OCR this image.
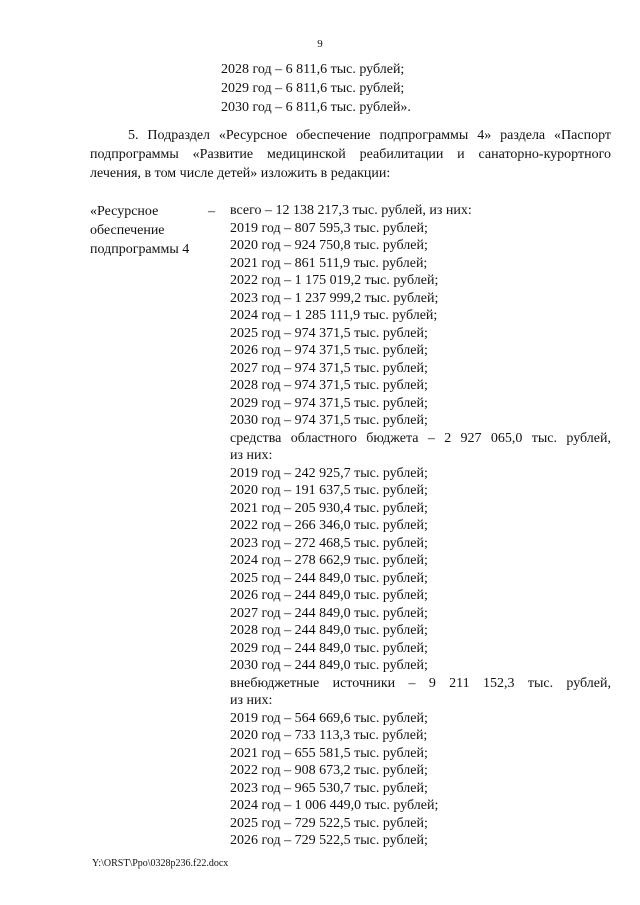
9
2028 год – 6 811,6 тыс. рублей;
2029 год – 6 811,6 тыс. рублей;
2030 год – 6 811,6 тыс. рублей».
5. Подраздел «Ресурсное обеспечение подпрограммы 4» раздела «Паспорт
подпрограммы «Развитие медицинской реабилитации и санаторно-курортного
лечения, в том числе детей» изложить в редакции:
«Ресурсное
обеспечение
подпрограммы 4
– всего – 12 138 217,3 тыс. рублей, из них:
2019 год – 807 595,3 тыс. рублей;
2020 год – 924 750,8 тыс. рублей;
2021 год – 861 511,9 тыс. рублей;
2022 год – 1 175 019,2 тыс. рублей;
2023 год – 1 237 999,2 тыс. рублей;
2024 год – 1 285 111,9 тыс. рублей;
2025 год – 974 371,5 тыс. рублей;
2026 год – 974 371,5 тыс. рублей;
2027 год – 974 371,5 тыс. рублей;
2028 год – 974 371,5 тыс. рублей;
2029 год – 974 371,5 тыс. рублей;
2030 год – 974 371,5 тыс. рублей;
средства областного бюджета – 2 927 065,0 тыс. рублей,
из них:
2019 год – 242 925,7 тыс. рублей;
2020 год – 191 637,5 тыс. рублей;
2021 год – 205 930,4 тыс. рублей;
2022 год – 266 346,0 тыс. рублей;
2023 год – 272 468,5 тыс. рублей;
2024 год – 278 662,9 тыс. рублей;
2025 год – 244 849,0 тыс. рублей;
2026 год – 244 849,0 тыс. рублей;
2027 год – 244 849,0 тыс. рублей;
2028 год – 244 849,0 тыс. рублей;
2029 год – 244 849,0 тыс. рублей;
2030 год – 244 849,0 тыс. рублей;
внебюджетные источники – 9 211 152,3 тыс. рублей,
из них:
2019 год – 564 669,6 тыс. рублей;
2020 год – 733 113,3 тыс. рублей;
2021 год – 655 581,5 тыс. рублей;
2022 год – 908 673,2 тыс. рублей;
2023 год – 965 530,7 тыс. рублей;
2024 год – 1 006 449,0 тыс. рублей;
2025 год – 729 522,5 тыс. рублей;
2026 год – 729 522,5 тыс. рублей;
Y:\ORST\Ppo\0328p236.f22.docx
